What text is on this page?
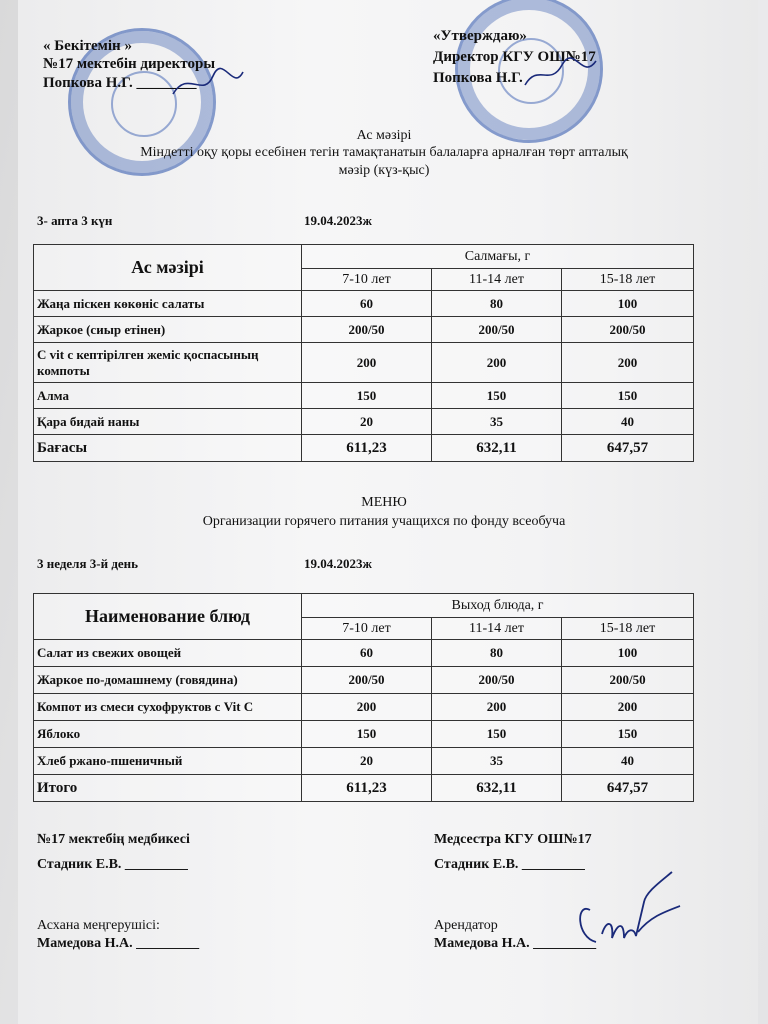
« Бекітемін »
№17 мектебін директоры
Попкова Н.Г. ________
«Утверждаю»
Директор КГУ ОШ№17
Попкова Н.Г.
Ас мәзірі
Міндетті оқу қоры есебінен тегін тамақтанатын балаларға арналған төрт апталық
мәзір (күз-қыс)
3- апта 3 күн	19.04.2023ж
Ас мәзірі	Салмағы, г		
	7-10 лет	11-14 лет	15-18 лет
Жаңа піскен көкөніс салаты	60	80	100
Жаркое (сиыр етінен)	200/50	200/50	200/50
С vit с кептірілген жеміс қоспасының компоты	200	200	200
Алма	150	150	150
Қара бидай наны	20	35	40
Бағасы	611,23	632,11	647,57
МЕНЮ
Организации горячего питания учащихся по фонду всеобуча
3 неделя 3-й день	19.04.2023ж
Наименование блюд	Выход блюда, г		
	7-10 лет	11-14 лет	15-18 лет
Салат из свежих овощей	60	80	100
Жаркое по-домашнему (говядина)	200/50	200/50	200/50
Компот из смеси сухофруктов с Vit C	200	200	200
Яблоко	150	150	150
Хлеб ржано-пшеничный	20	35	40
Итого	611,23	632,11	647,57
№17 мектебің медбикесі
Стадник Е.В. _________
Медсестра КГУ ОШ№17
Стадник Е.В. _________
Асхана меңгерушісі:
Мамедова Н.А. _________
Арендатор
Мамедова Н.А. _________
